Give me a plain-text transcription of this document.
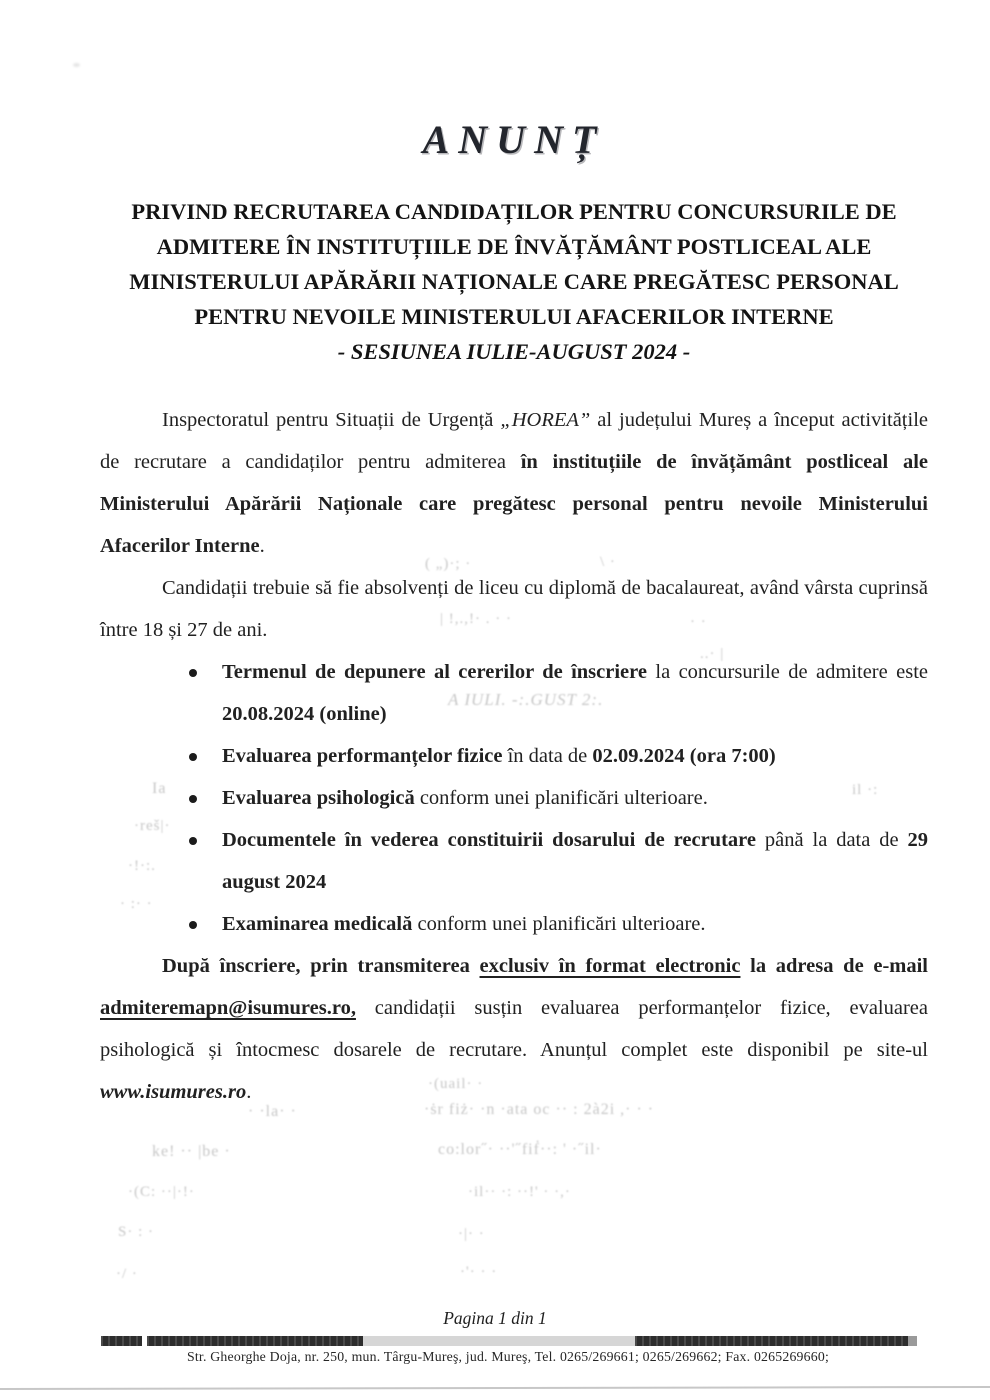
( „)·; ·	\ ·
| !,.,!· . · ·	· ·
..· |
A IULI. -:.GUST 2:.
Ia	il ·:
·reš|·
·!·:.
· :· ·
·(uail· ·
· ·la· ·	·ṡr fiż· ·n ·ata oc ·· : 2à2i ,· · ·
ke! ·· |be ·	co:lor˝· ··'˝fiḟ··: ' ·˝il·
·(C: ··|·!·	·il·· ·: ··!' · ·,·
S· : ·	·|· ·
·/ ·	·'· · ·
ANUNȚ
PRIVIND RECRUTAREA CANDIDAȚILOR PENTRU CONCURSURILE DE
ADMITERE ÎN INSTITUȚIILE DE ÎNVĂȚĂMÂNT POSTLICEAL ALE
MINISTERULUI APĂRĂRII NAȚIONALE CARE PREGĂTESC PERSONAL
PENTRU NEVOILE MINISTERULUI AFACERILOR INTERNE
- SESIUNEA IULIE-AUGUST 2024 -

Inspectoratul pentru Situații de Urgență „HOREA” al județului Mureș a început activitățile de recrutare a candidaților pentru admiterea în instituțiile de învățământ postliceal ale Ministerului Apărării Naționale care pregătesc personal pentru nevoile Ministerului Afacerilor Interne.

Candidații trebuie să fie absolvenți de liceu cu diplomă de bacalaureat, având vârsta cuprinsă între 18 și 27 de ani.

Termenul de depunere al cererilor de înscriere la concursurile de admitere este 20.08.2024 (online)
Evaluarea performanțelor fizice în data de 02.09.2024 (ora 7:00)
Evaluarea psihologică conform unei planificări ulterioare.
Documentele în vederea constituirii dosarului de recrutare până la data de 29 august 2024
Examinarea medicală conform unei planificări ulterioare.

După înscriere, prin transmiterea exclusiv în format electronic la adresa de e-mail admiteremapn@isumures.ro, candidații susțin evaluarea performanțelor fizice, evaluarea psihologică și întocmesc dosarele de recrutare. Anunțul complet este disponibil pe site-ul www.isumures.ro.

Pagina 1 din 1
Str. Gheorghe Doja, nr. 250, mun. Târgu-Mureş, jud. Mureş, Tel. 0265/269661; 0265/269662; Fax. 0265269660;
